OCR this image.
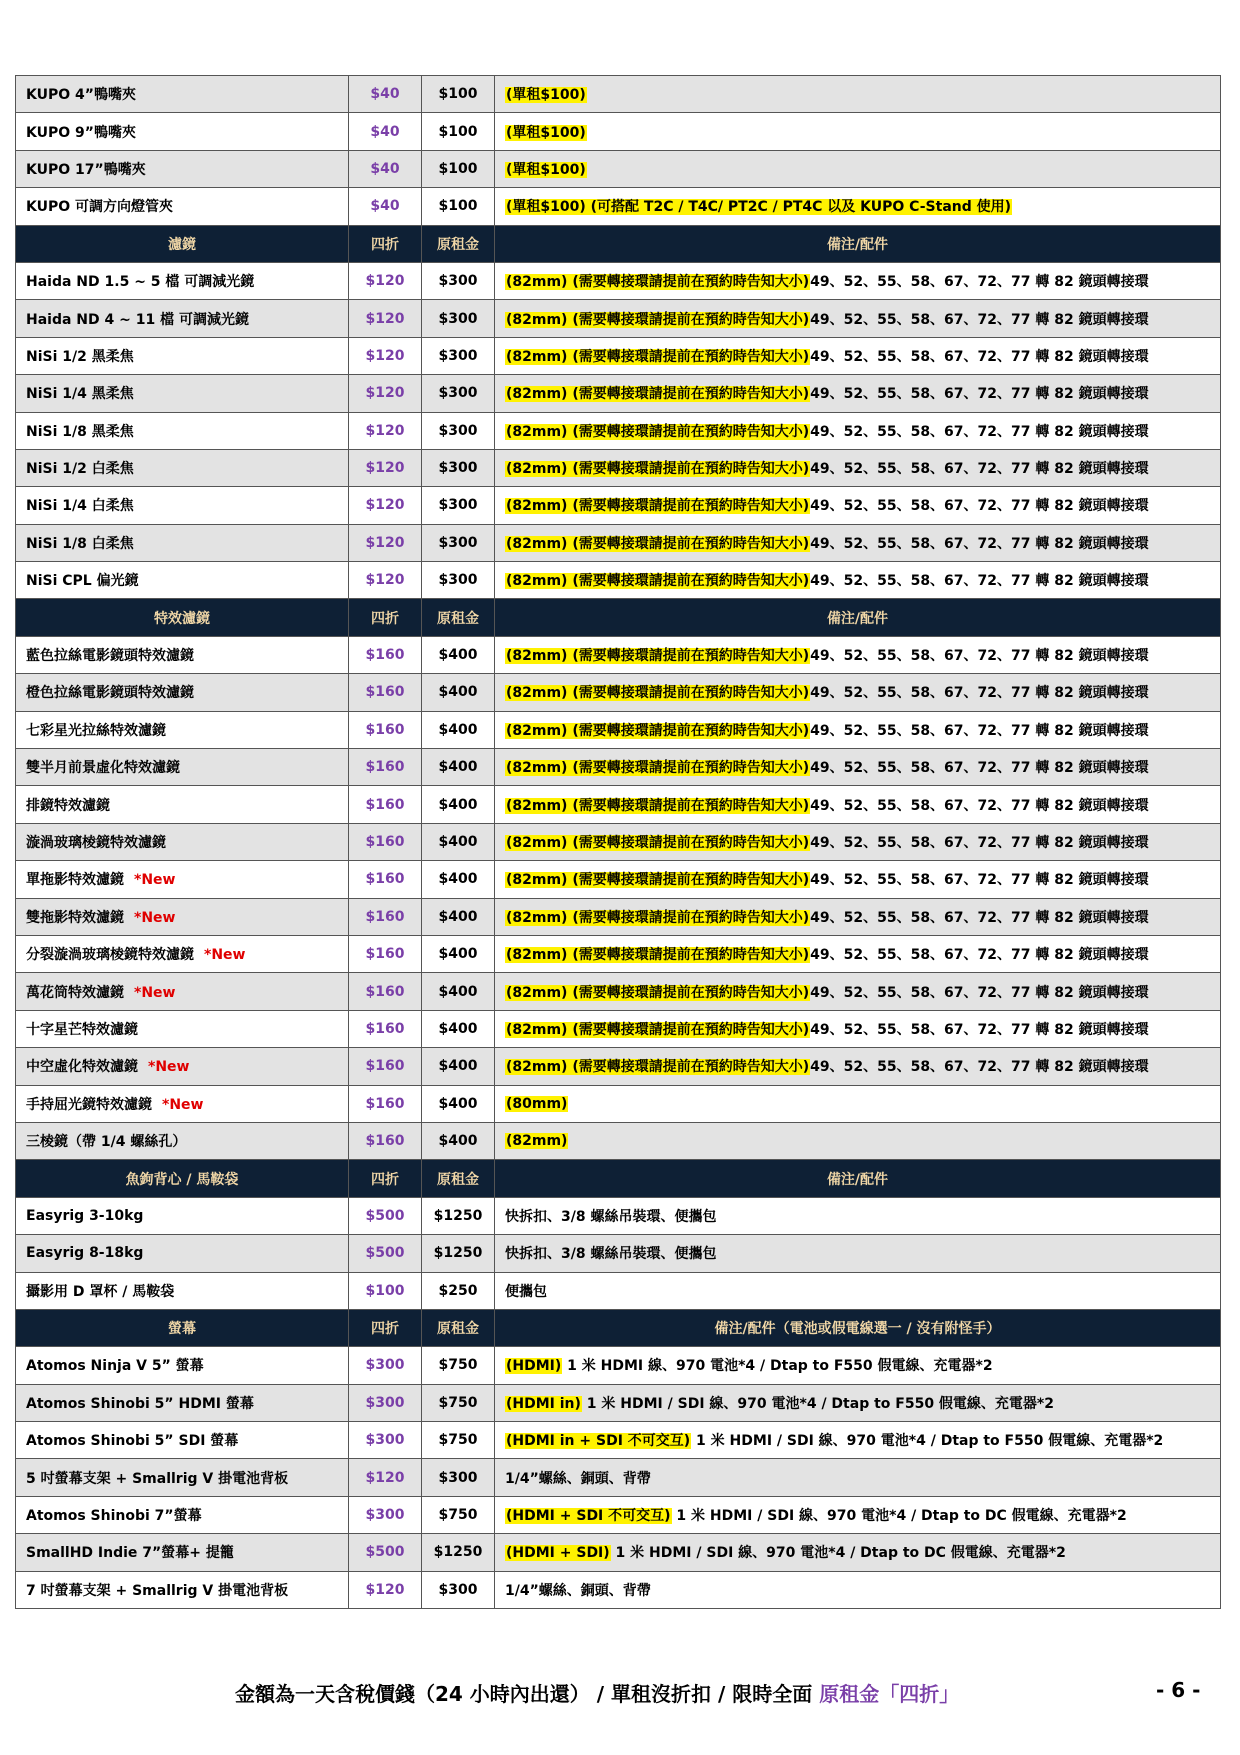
KUPO 4”鴨嘴夾	$40	$100	(單租$100)
KUPO 9”鴨嘴夾	$40	$100	(單租$100)
KUPO 17”鴨嘴夾	$40	$100	(單租$100)
KUPO 可調方向燈管夾	$40	$100	(單租$100) (可搭配 T2C / T4C/ PT2C / PT4C 以及 KUPO C-Stand 使用)
濾鏡	四折	原租金	備注/配件
Haida ND 1.5 ~ 5 檔 可調減光鏡	$120	$300	(82mm) (需要轉接環請提前在預約時告知大小)49、52、55、58、67、72、77 轉 82 鏡頭轉接環
Haida ND 4 ~ 11 檔 可調減光鏡	$120	$300	(82mm) (需要轉接環請提前在預約時告知大小)49、52、55、58、67、72、77 轉 82 鏡頭轉接環
NiSi 1/2 黑柔焦	$120	$300	(82mm) (需要轉接環請提前在預約時告知大小)49、52、55、58、67、72、77 轉 82 鏡頭轉接環
NiSi 1/4 黑柔焦	$120	$300	(82mm) (需要轉接環請提前在預約時告知大小)49、52、55、58、67、72、77 轉 82 鏡頭轉接環
NiSi 1/8 黑柔焦	$120	$300	(82mm) (需要轉接環請提前在預約時告知大小)49、52、55、58、67、72、77 轉 82 鏡頭轉接環
NiSi 1/2 白柔焦	$120	$300	(82mm) (需要轉接環請提前在預約時告知大小)49、52、55、58、67、72、77 轉 82 鏡頭轉接環
NiSi 1/4 白柔焦	$120	$300	(82mm) (需要轉接環請提前在預約時告知大小)49、52、55、58、67、72、77 轉 82 鏡頭轉接環
NiSi 1/8 白柔焦	$120	$300	(82mm) (需要轉接環請提前在預約時告知大小)49、52、55、58、67、72、77 轉 82 鏡頭轉接環
NiSi CPL 偏光鏡	$120	$300	(82mm) (需要轉接環請提前在預約時告知大小)49、52、55、58、67、72、77 轉 82 鏡頭轉接環
特效濾鏡	四折	原租金	備注/配件
藍色拉絲電影鏡頭特效濾鏡	$160	$400	(82mm) (需要轉接環請提前在預約時告知大小)49、52、55、58、67、72、77 轉 82 鏡頭轉接環
橙色拉絲電影鏡頭特效濾鏡	$160	$400	(82mm) (需要轉接環請提前在預約時告知大小)49、52、55、58、67、72、77 轉 82 鏡頭轉接環
七彩星光拉絲特效濾鏡	$160	$400	(82mm) (需要轉接環請提前在預約時告知大小)49、52、55、58、67、72、77 轉 82 鏡頭轉接環
雙半月前景虛化特效濾鏡	$160	$400	(82mm) (需要轉接環請提前在預約時告知大小)49、52、55、58、67、72、77 轉 82 鏡頭轉接環
排鏡特效濾鏡	$160	$400	(82mm) (需要轉接環請提前在預約時告知大小)49、52、55、58、67、72、77 轉 82 鏡頭轉接環
漩渦玻璃棱鏡特效濾鏡	$160	$400	(82mm) (需要轉接環請提前在預約時告知大小)49、52、55、58、67、72、77 轉 82 鏡頭轉接環
單拖影特效濾鏡 *New	$160	$400	(82mm) (需要轉接環請提前在預約時告知大小)49、52、55、58、67、72、77 轉 82 鏡頭轉接環
雙拖影特效濾鏡 *New	$160	$400	(82mm) (需要轉接環請提前在預約時告知大小)49、52、55、58、67、72、77 轉 82 鏡頭轉接環
分裂漩渦玻璃棱鏡特效濾鏡 *New	$160	$400	(82mm) (需要轉接環請提前在預約時告知大小)49、52、55、58、67、72、77 轉 82 鏡頭轉接環
萬花筒特效濾鏡 *New	$160	$400	(82mm) (需要轉接環請提前在預約時告知大小)49、52、55、58、67、72、77 轉 82 鏡頭轉接環
十字星芒特效濾鏡	$160	$400	(82mm) (需要轉接環請提前在預約時告知大小)49、52、55、58、67、72、77 轉 82 鏡頭轉接環
中空虛化特效濾鏡 *New	$160	$400	(82mm) (需要轉接環請提前在預約時告知大小)49、52、55、58、67、72、77 轉 82 鏡頭轉接環
手持屈光鏡特效濾鏡 *New	$160	$400	(80mm)
三棱鏡（帶 1/4 螺絲孔）	$160	$400	(82mm)
魚鉤背心 / 馬鞍袋	四折	原租金	備注/配件
Easyrig 3-10kg	$500	$1250	快拆扣、3/8 螺絲吊裝環、便攜包
Easyrig 8-18kg	$500	$1250	快拆扣、3/8 螺絲吊裝環、便攜包
攝影用 D 罩杯 / 馬鞍袋	$100	$250	便攜包
螢幕	四折	原租金	備注/配件（電池或假電線選一 / 沒有附怪手）
Atomos Ninja V 5” 螢幕	$300	$750	(HDMI) 1 米 HDMI 線、970 電池*4 / Dtap to F550 假電線、充電器*2
Atomos Shinobi 5” HDMI 螢幕	$300	$750	(HDMI in) 1 米 HDMI / SDI 線、970 電池*4 / Dtap to F550 假電線、充電器*2
Atomos Shinobi 5” SDI 螢幕	$300	$750	(HDMI in + SDI 不可交互) 1 米 HDMI / SDI 線、970 電池*4 / Dtap to F550 假電線、充電器*2
5 吋螢幕支架 + Smallrig V 掛電池背板	$120	$300	1/4”螺絲、銅頭、背帶
Atomos Shinobi 7”螢幕	$300	$750	(HDMI + SDI 不可交互) 1 米 HDMI / SDI 線、970 電池*4 / Dtap to DC 假電線、充電器*2
SmallHD Indie 7”螢幕+ 提籠	$500	$1250	(HDMI + SDI) 1 米 HDMI / SDI 線、970 電池*4 / Dtap to DC 假電線、充電器*2
7 吋螢幕支架 + Smallrig V 掛電池背板	$120	$300	1/4”螺絲、銅頭、背帶
金額為一天含稅價錢（24 小時內出還） / 單租沒折扣 / 限時全面 原租金「四折」	- 6 -
